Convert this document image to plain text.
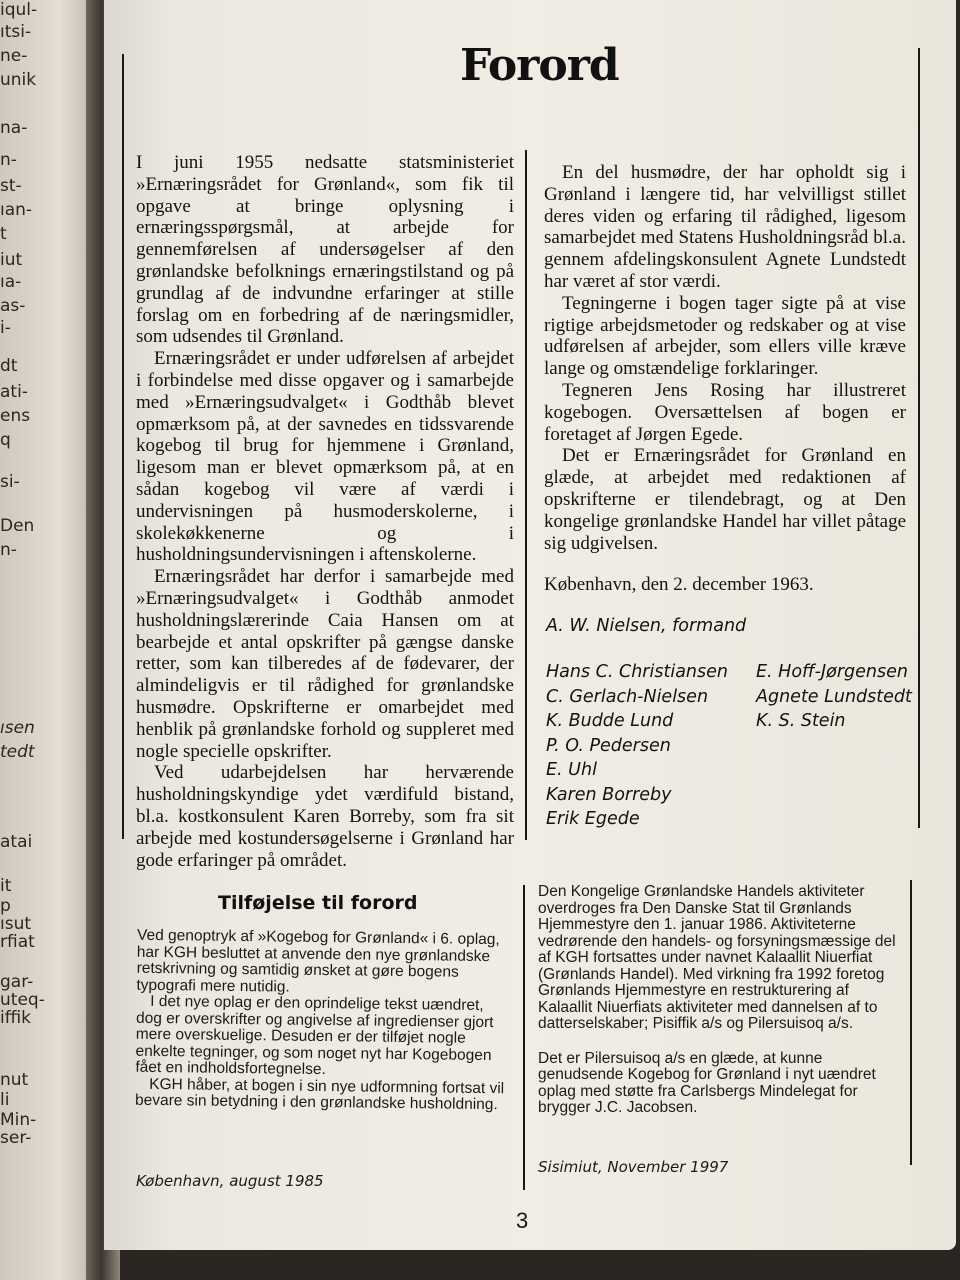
iqul-
ıtsi-
ne-
unik
na-
n-
st-
ıan-
t
iut
ıa-
as-
i-
dt
ati-
ens
q
si-
Den
n-
ısen
tedt
atai
it
p
ısut
rfiat
gar-
uteq-
iffik
nut
li
Min-
ser-
Forord

I juni 1955 nedsatte statsministeriet »Ernæringsrådet for Grønland«, som fik til opgave at bringe oplysning i ernæringsspørgsmål, at arbejde for gennemførelsen af undersøgelser af den grønlandske befolknings ernæringstilstand og på grundlag af de indvundne erfaringer at stille forslag om en forbedring af de næringsmidler, som udsendes til Grønland.

Ernæringsrådet er under udførelsen af arbejdet i forbindelse med disse opgaver og i samarbejde med »Ernæringsudvalget« i Godthåb blevet opmærksom på, at der savnedes en tidssvarende kogebog til brug for hjemmene i Grønland, ligesom man er blevet opmærksom på, at en sådan kogebog vil være af værdi i undervisningen på husmoderskolerne, i skolekøkkenerne og i husholdningsundervisningen i aftenskolerne.

Ernæringsrådet har derfor i samarbejde med »Ernæringsudvalget« i Godthåb anmodet husholdningslærerinde Caia Hansen om at bearbejde et antal opskrifter på gængse danske retter, som kan tilberedes af de fødevarer, der almindeligvis er til rådighed for grønlandske husmødre. Opskrifterne er omarbejdet med henblik på grønlandske forhold og suppleret med nogle specielle opskrifter.

Ved udarbejdelsen har herværende husholdningskyndige ydet værdifuld bistand, bl.a. kostkonsulent Karen Borreby, som fra sit arbejde med kostundersøgelserne i Grønland har gode erfaringer på området.

En del husmødre, der har opholdt sig i Grønland i længere tid, har velvilligst stillet deres viden og erfaring til rådighed, ligesom samarbejdet med Statens Husholdningsråd bl.a. gennem afdelingskonsulent Agnete Lundstedt har været af stor værdi.

Tegningerne i bogen tager sigte på at vise rigtige arbejdsmetoder og redskaber og at vise udførelsen af arbejder, som ellers ville kræve lange og omstændelige forklaringer.

Tegneren Jens Rosing har illustreret kogebogen. Oversættelsen af bogen er foretaget af Jørgen Egede.

Det er Ernæringsrådet for Grønland en glæde, at arbejdet med redaktionen af opskrifterne er tilendebragt, og at Den kongelige grønlandske Handel har villet påtage sig udgivelsen.

København, den 2. december 1963.

A. W. Nielsen, formand
Hans C. Christiansen
C. Gerlach-Nielsen
K. Budde Lund
P. O. Pedersen
E. Uhl
Karen Borreby
Erik Egede
E. Hoff-Jørgensen
Agnete Lundstedt
K. S. Stein
Tilføjelse til forord

Ved genoptryk af »Kogebog for Grønland« i 6. oplag, har KGH besluttet at anvende den nye grønlandske retskrivning og samtidig ønsket at gøre bogens typografi mere nutidig.

I det nye oplag er den oprindelige tekst uændret, dog er overskrifter og angivelse af ingredienser gjort mere overskuelige. Desuden er der tilføjet nogle enkelte tegninger, og som noget nyt har Kogebogen fået en indholdsfortegnelse.

KGH håber, at bogen i sin nye udformning fortsat vil bevare sin betydning i den grønlandske husholdning.

København, august 1985

Den Kongelige Grønlandske Handels aktiviteter overdroges fra Den Danske Stat til Grønlands Hjemmestyre den 1. januar 1986. Aktiviteterne vedrørende den handels- og forsyningsmæssige del af KGH fortsattes under navnet Kalaallit Niuerfiat (Grønlands Handel). Med virkning fra 1992 foretog Grønlands Hjemmestyre en restrukturering af Kalaallit Niuerfiats aktiviteter med dannelsen af to datterselskaber; Pisiffik a/s og Pilersuisoq a/s.

Det er Pilersuisoq a/s en glæde, at kunne genudsende Kogebog for Grønland i nyt uændret oplag med støtte fra Carlsbergs Mindelegat for brygger J.C. Jacobsen.

Sisimiut, November 1997
3
